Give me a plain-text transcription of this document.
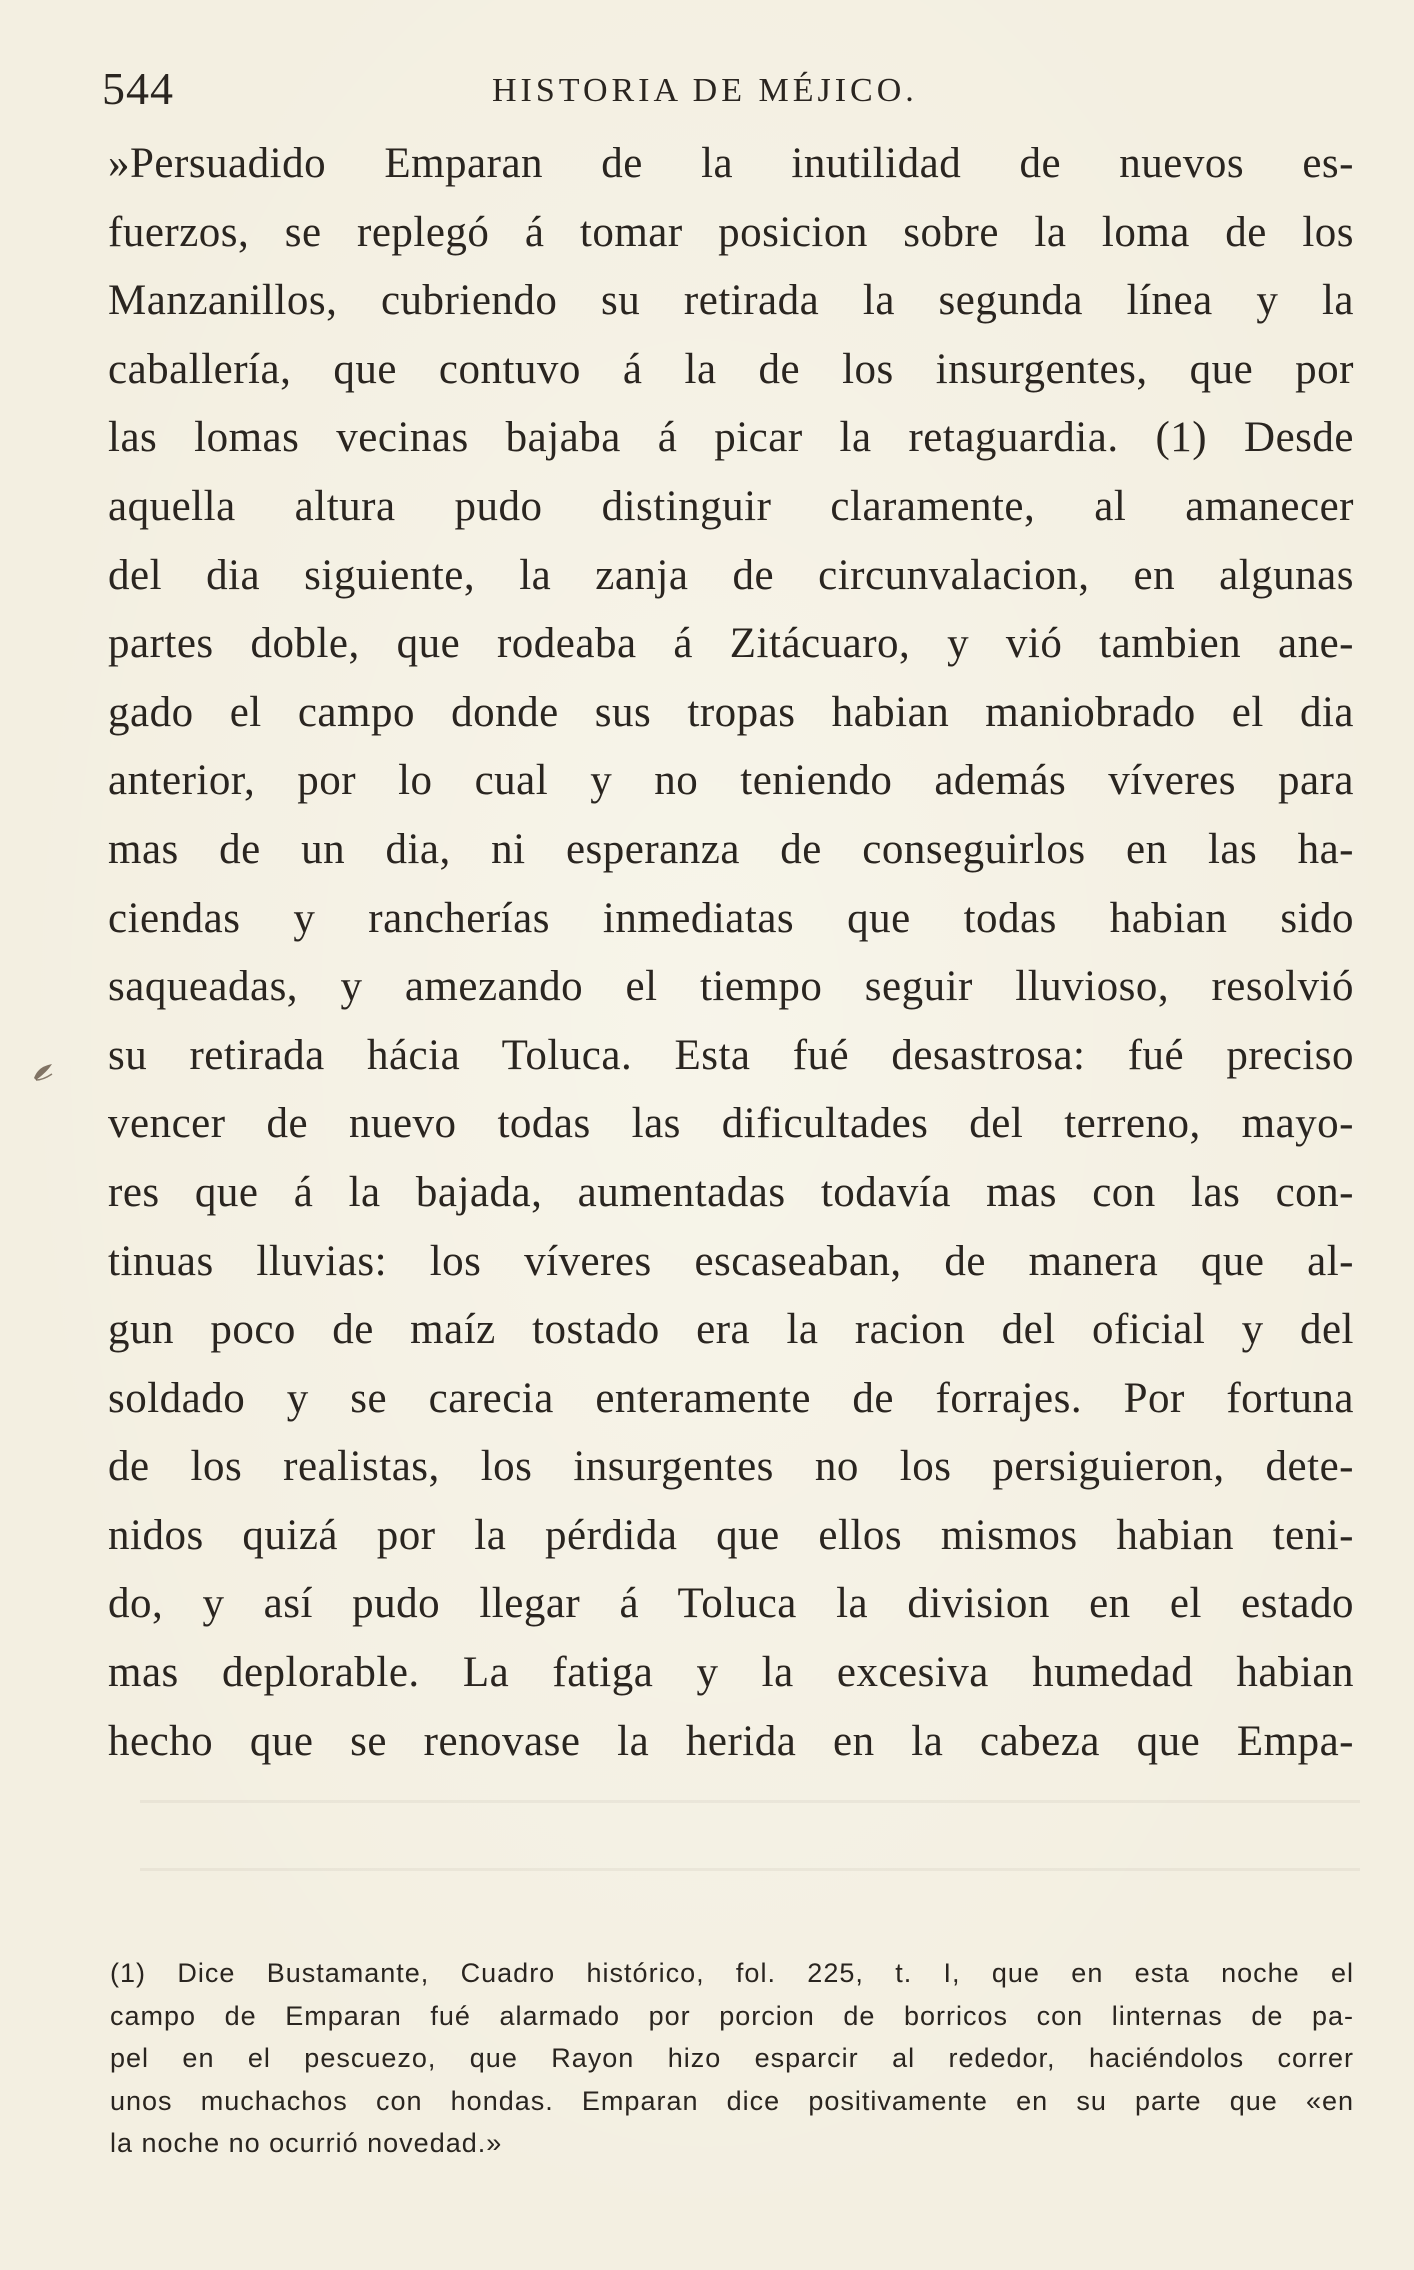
544	HISTORIA DE MÉJICO.
»Persuadido Emparan de la inutilidad de nuevos es-
fuerzos, se replegó á tomar posicion sobre la loma de los
Manzanillos, cubriendo su retirada la segunda línea y la
caballería, que contuvo á la de los insurgentes, que por
las lomas vecinas bajaba á picar la retaguardia. (1) Desde
aquella altura pudo distinguir claramente, al amanecer
del dia siguiente, la zanja de circunvalacion, en algunas
partes doble, que rodeaba á Zitácuaro, y vió tambien ane-
gado el campo donde sus tropas habian maniobrado el dia
anterior, por lo cual y no teniendo además víveres para
mas de un dia, ni esperanza de conseguirlos en las ha-
ciendas y rancherías inmediatas que todas habian sido
saqueadas, y amezando el tiempo seguir lluvioso, resolvió
su retirada hácia Toluca. Esta fué desastrosa: fué preciso
vencer de nuevo todas las dificultades del terreno, mayo-
res que á la bajada, aumentadas todavía mas con las con-
tinuas lluvias: los víveres escaseaban, de manera que al-
gun poco de maíz tostado era la racion del oficial y del
soldado y se carecia enteramente de forrajes. Por fortuna
de los realistas, los insurgentes no los persiguieron, dete-
nidos quizá por la pérdida que ellos mismos habian teni-
do, y así pudo llegar á Toluca la division en el estado
mas deplorable. La fatiga y la excesiva humedad habian
hecho que se renovase la herida en la cabeza que Empa-
(1) Dice Bustamante, Cuadro histórico, fol. 225, t. I, que en esta noche el
campo de Emparan fué alarmado por porcion de borricos con linternas de pa-
pel en el pescuezo, que Rayon hizo esparcir al rededor, haciéndolos correr
unos muchachos con hondas. Emparan dice positivamente en su parte que «en
la noche no ocurrió novedad.»
